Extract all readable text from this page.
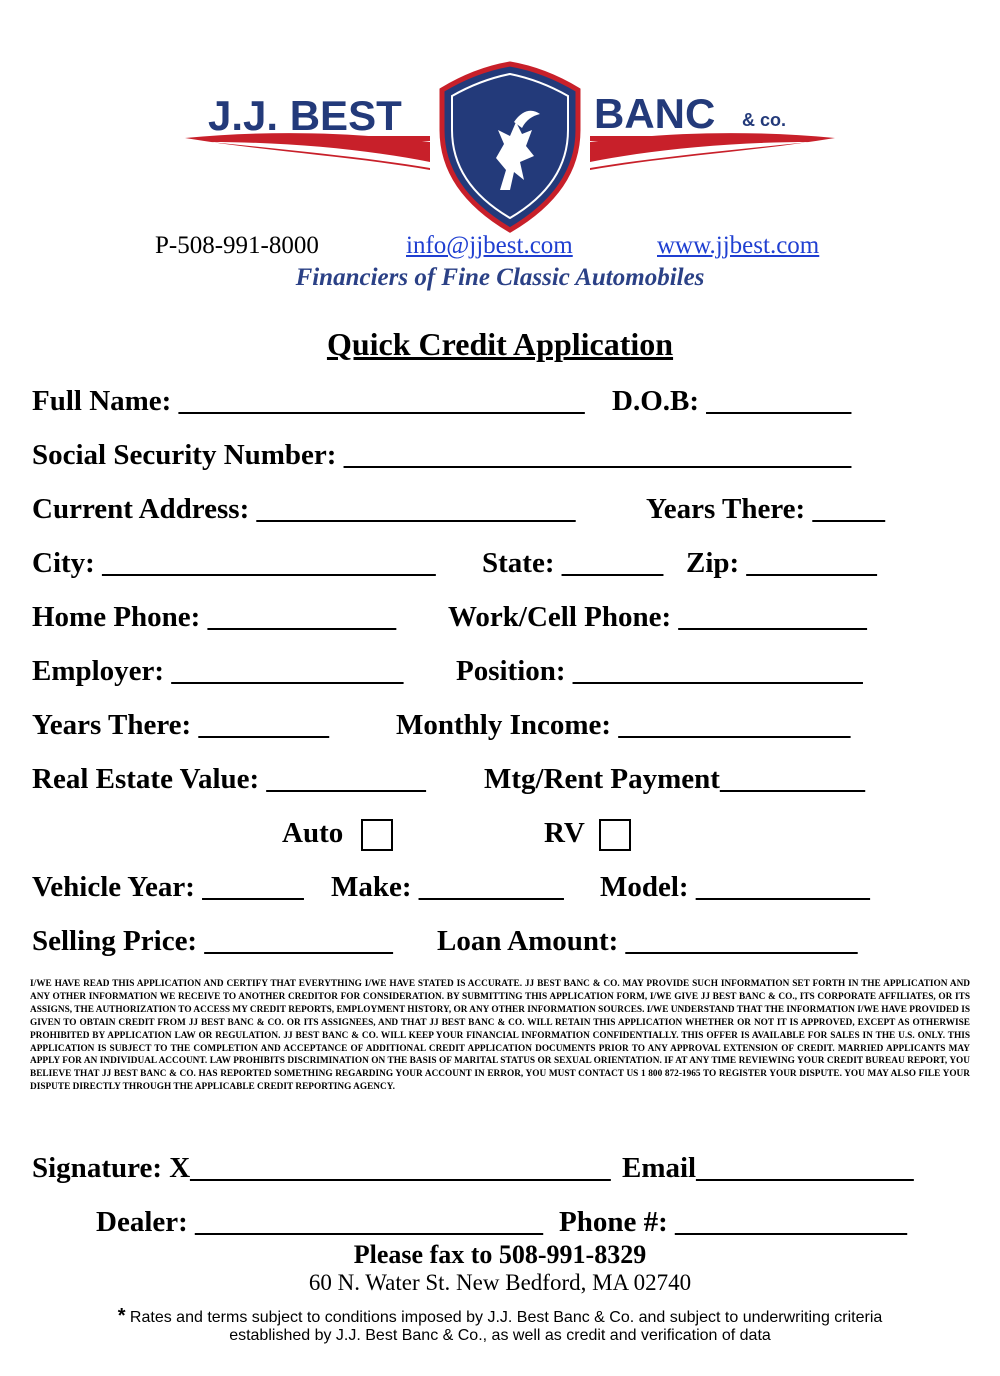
J.J. BEST	BANC & co.
P-508-991-8000	info@jjbest.com	www.jjbest.com
Financiers of Fine Classic Automobiles
Quick Credit Application
Full Name: ____________________________ D.O.B: __________
Social Security Number: ___________________________________
Current Address: ______________________ Years There: _____
City: _______________________ State: _______ Zip: _________
Home Phone: _____________ Work/Cell Phone: _____________
Employer: ________________ Position: ____________________
Years There: _________ Monthly Income: ________________
Real Estate Value: ___________ Mtg/Rent Payment__________
Auto	RV
Vehicle Year: _______ Make: __________ Model: ____________
Selling Price: _____________ Loan Amount: ________________
I/WE HAVE READ THIS APPLICATION AND CERTIFY THAT EVERYTHING I/WE HAVE STATED IS ACCURATE. JJ BEST BANC & CO. MAY PROVIDE SUCH INFORMATION SET FORTH IN THE APPLICATION AND ANY OTHER INFORMATION WE RECEIVE TO ANOTHER CREDITOR FOR CONSIDERATION. BY SUBMITTING THIS APPLICATION FORM, I/WE GIVE JJ BEST BANC & CO., ITS CORPORATE AFFILIATES, OR ITS ASSIGNS, THE AUTHORIZATION TO ACCESS MY CREDIT REPORTS, EMPLOYMENT HISTORY, OR ANY OTHER INFORMATION SOURCES. I/WE UNDERSTAND THAT THE INFORMATION I/WE HAVE PROVIDED IS GIVEN TO OBTAIN CREDIT FROM JJ BEST BANC & CO. OR ITS ASSIGNEES, AND THAT JJ BEST BANC & CO. WILL RETAIN THIS APPLICATION WHETHER OR NOT IT IS APPROVED, EXCEPT AS OTHERWISE PROHIBITED BY APPLICATION LAW OR REGULATION. JJ BEST BANC & CO. WILL KEEP YOUR FINANCIAL INFORMATION CONFIDENTIALLY. THIS OFFER IS AVAILABLE FOR SALES IN THE U.S. ONLY. THIS APPLICATION IS SUBJECT TO THE COMPLETION AND ACCEPTANCE OF ADDITIONAL CREDIT APPLICATION DOCUMENTS PRIOR TO ANY APPROVAL EXTENSION OF CREDIT. MARRIED APPLICANTS MAY APPLY FOR AN INDIVIDUAL ACCOUNT. LAW PROHIBITS DISCRIMINATION ON THE BASIS OF MARITAL STATUS OR SEXUAL ORIENTATION. IF AT ANY TIME REVIEWING YOUR CREDIT BUREAU REPORT, YOU BELIEVE THAT JJ BEST BANC & CO. HAS REPORTED SOMETHING REGARDING YOUR ACCOUNT IN ERROR, YOU MUST CONTACT US 1 800 872-1965 TO REGISTER YOUR DISPUTE. YOU MAY ALSO FILE YOUR DISPUTE DIRECTLY THROUGH THE APPLICABLE CREDIT REPORTING AGENCY.
Signature: X_____________________________ Email_______________
Dealer: ________________________ Phone #: ________________
Please fax to 508-991-8329
60 N. Water St. New Bedford, MA 02740
* Rates and terms subject to conditions imposed by J.J. Best Banc & Co. and subject to underwriting criteria
established by J.J. Best Banc & Co., as well as credit and verification of data
